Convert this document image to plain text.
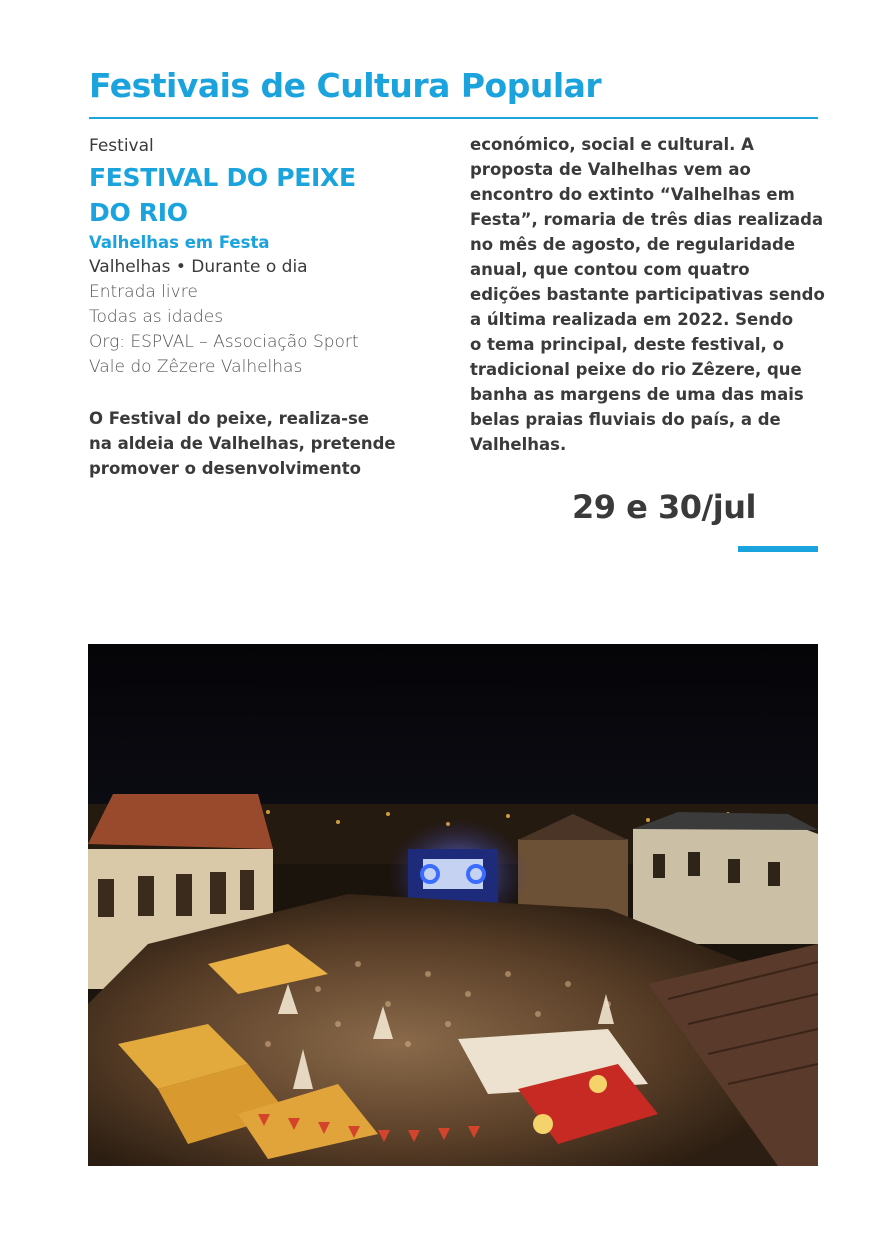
Festivais de Cultura Popular
Festival
FESTIVAL DO PEIXE
DO RIO
Valhelhas em Festa
Valhelhas • Durante o dia
Entrada livre
Todas as idades
Org: ESPVAL – Associação Sport
Vale do Zêzere Valhelhas

O Festival do peixe, realiza-se
na aldeia de Valhelhas, pretende
promover o desenvolvimento

económico, social e cultural. A
proposta de Valhelhas vem ao
encontro do extinto “Valhelhas em
Festa”, romaria de três dias realizada
no mês de agosto, de regularidade
anual, que contou com quatro
edições bastante participativas sendo
a última realizada em 2022. Sendo
o tema principal, deste festival, o
tradicional peixe do rio Zêzere, que
banha as margens de uma das mais
belas praias fluviais do país, a de
Valhelhas.

29 e 30/jul
